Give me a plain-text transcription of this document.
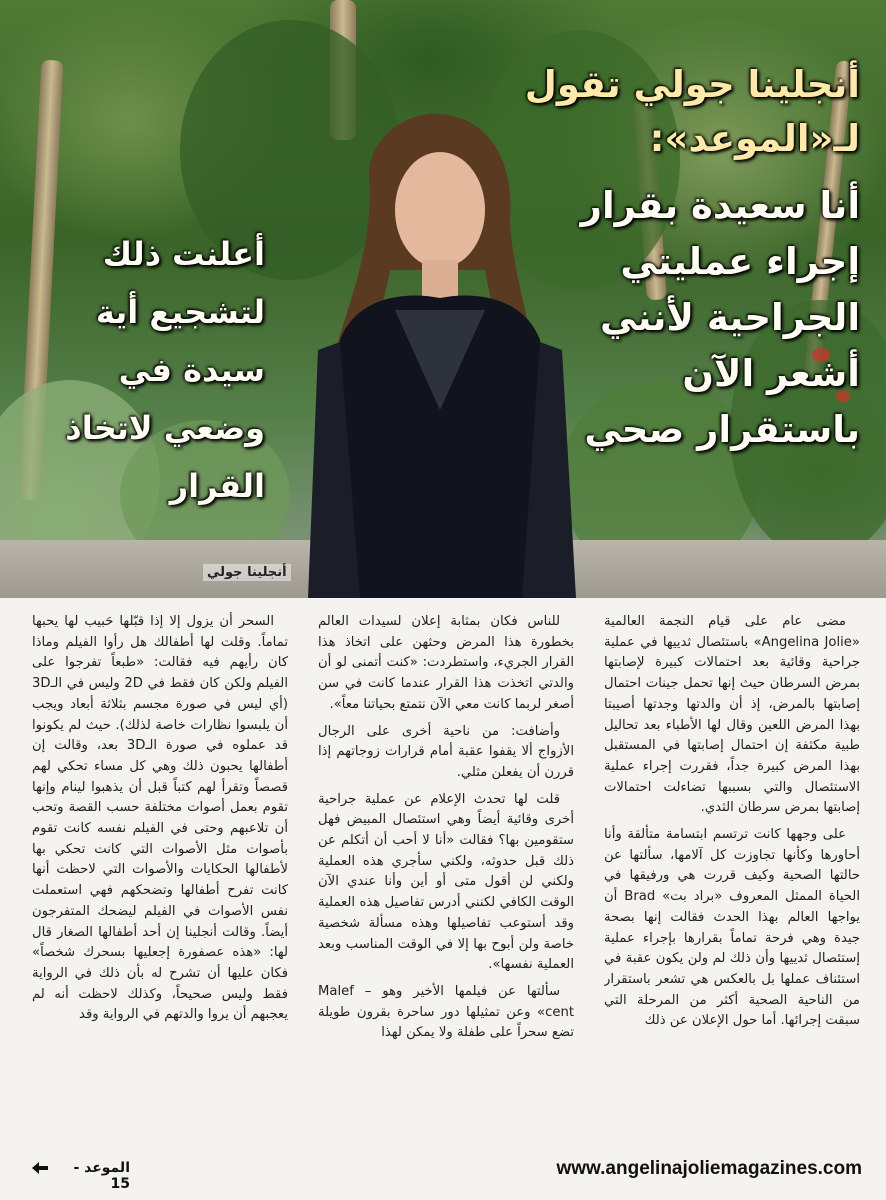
أنجلينا جولي تقول
لـ«الموعد»:
أنا سعيدة بقرار إجراء عمليتي الجراحية لأنني أشعر الآن باستقرار صحي
أعلنت ذلك لتشجيع أية سيدة في وضعي لاتخاذ القرار
أنجلينا جولي

مضى عام على قيام النجمة العالمية «Angelina Jolie» باستئصال ثدييها في عملية جراحية وقائية بعد احتمالات كبيرة لإصابتها بمرض السرطان حيث إنها تحمل جينات احتمال إصابتها بالمرض، إذ أن والدتها وجدتها أصيبتا بهذا المرض اللعين وقال لها الأطباء بعد تحاليل طبية مكثفة إن احتمال إصابتها في المستقبل بهذا المرض كبيرة جداً، فقررت إجراء عملية الاستئصال والتي بسببها تضاءلت احتمالات إصابتها بمرض سرطان الثدي.

على وجهها كانت ترتسم ابتسامة متألقة وأنا أحاورها وكأنها تجاوزت كل آلامها، سألتها عن حالتها الصحية وكيف قررت هي ورفيقها في الحياة الممثل المعروف «براد بت» Brad أن يواجها العالم بهذا الحدث فقالت إنها بصحة جيدة وهي فرحة تماماً بقرارها بإجراء عملية إستئصال ثدييها وأن ذلك لم ولن يكون عقبة في استئناف عملها بل بالعكس هي تشعر باستقرار من الناحية الصحية أكثر من المرحلة التي سبقت إجرائها. أما حول الإعلان عن ذلك

للناس فكان بمثابة إعلان لسيدات العالم بخطورة هذا المرض وحثهن على اتخاذ هذا القرار الجريء، واستطردت: «كنت أتمنى لو أن والدتي اتخذت هذا القرار عندما كانت في سن أصغر لربما كانت معي الآن نتمتع بحياتنا معاً».

وأضافت: من ناحية أخرى على الرجال الأزواج ألا يقفوا عقبة أمام قرارات زوجاتهم إذا قررن أن يفعلن مثلي.

قلت لها تحدث الإعلام عن عملية جراحية أخرى وقائية أيضاً وهي استئصال المبيض فهل ستقومين بها؟ فقالت «أنا لا أحب أن أتكلم عن ذلك قبل حدوثه، ولكني سأجري هذه العملية ولكني لن أقول متى أو أين وأنا عندي الآن الوقت الكافي لكنني أدرس تفاصيل هذه العملية وقد أستوعب تفاصيلها وهذه مسألة شخصية خاصة ولن أبوح بها إلا في الوقت المناسب وبعد العملية نفسها».

سألتها عن فيلمها الأخير وهو Malef – cent» وعن تمثيلها دور ساحرة بقرون طويلة تضع سحراً على طفلة ولا يمكن لهذا

السحر أن يزول إلا إذا قبّلها حَبيب لها يحبها تماماً. وقلت لها أطفالك هل رأوا الفيلم وماذا كان رأيهم فيه فقالت: «طبعاً تفرجوا على الفيلم ولكن كان فقط في 2D وليس في الـ3D (أي ليس في صورة مجسم بثلاثة أبعاد ويجب أن يلبسوا نظارات خاصة لذلك). حيث لم يكونوا قد عملوه في صورة الـ3D بعد، وقالت إن أطفالها يحبون ذلك وهي كل مساء تحكي لهم قصصاً وتقرأ لهم كتباً قبل أن يذهبوا لينام وإنها تقوم بعمل أصوات مختلفة حسب القصة وتحب أن تلاعبهم وحتى في الفيلم نفسه كانت تقوم بأصوات مثل الأصوات التي كانت تحكي بها لأطفالها الحكايات والأصوات التي لاحظت أنها كانت تفرح أطفالها وتضحكهم فهي استعملت نفس الأصوات في الفيلم ليضحك المتفرجون أيضاً. وقالت أنجلينا إن أحد أطفالها الصغار قال لها: «هذه عصفورة إجعليها بسحرك شخصاً» فكان عليها أن تشرح له بأن ذلك في الرواية فقط وليس صحيحاً، وكذلك لاحظت أنه لم يعجبهم أن يروا والدتهم في الرواية وقد

الموعد - 15
www.angelinajoliemagazines.com
